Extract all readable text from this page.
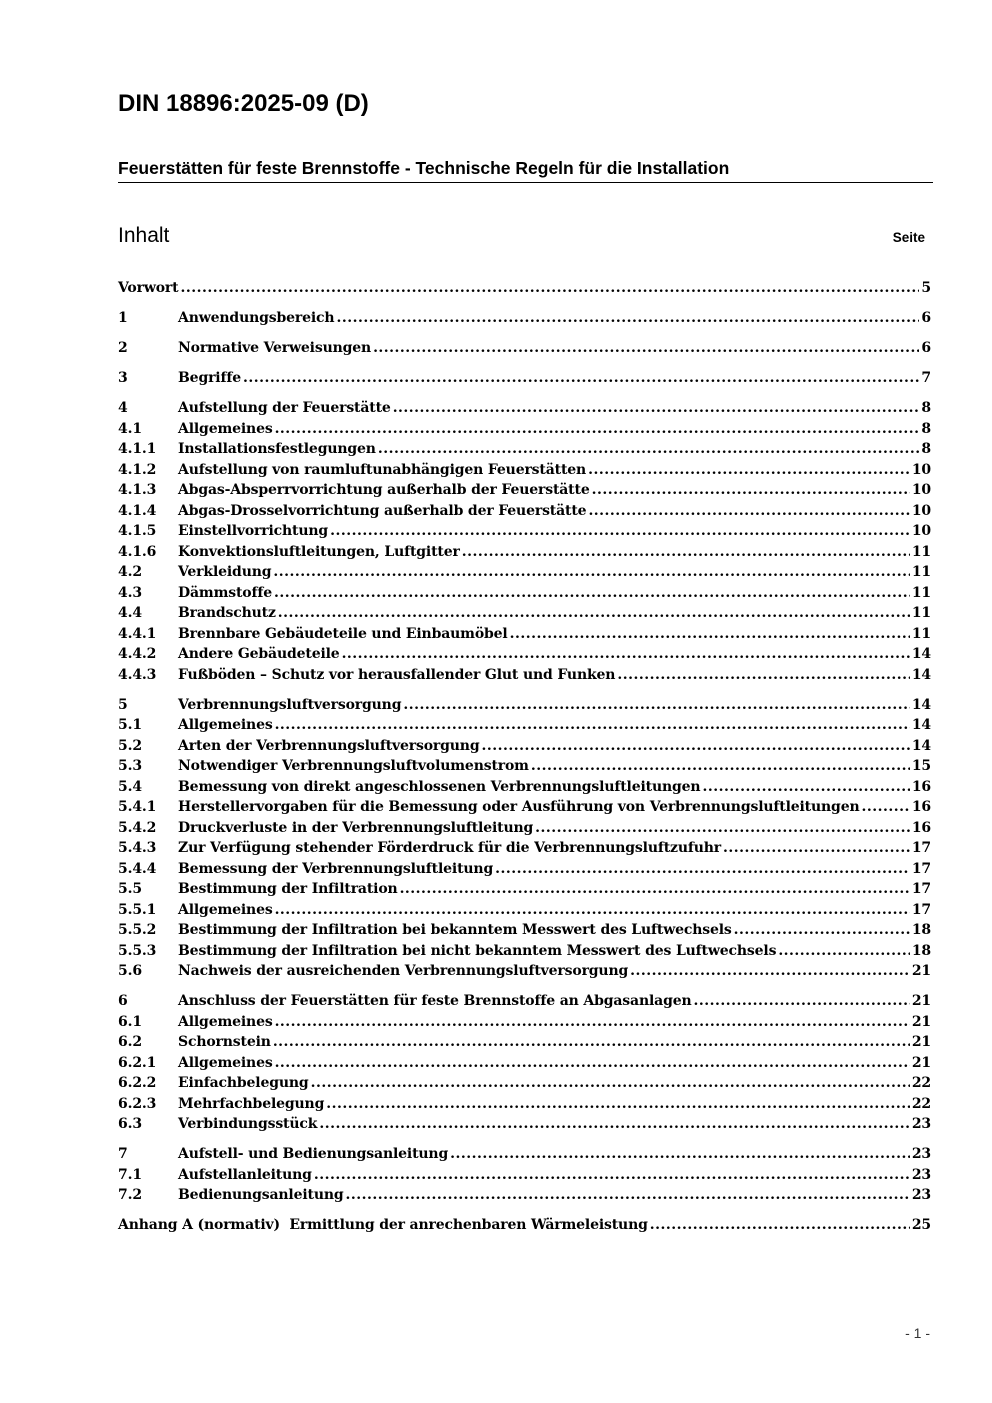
DIN 18896:2025-09 (D)
Feuerstätten für feste Brennstoffe - Technische Regeln für die Installation
Inhalt	Seite
Vorwort .....	5
1	Anwendungsbereich .....	6
2	Normative Verweisungen .....	6
3	Begriffe .....	7
4	Aufstellung der Feuerstätte .....	8
4.1	Allgemeines .....	8
4.1.1	Installationsfestlegungen .....	8
4.1.2	Aufstellung von raumluftunabhängigen Feuerstätten .....	10
4.1.3	Abgas-Absperrvorrichtung außerhalb der Feuerstätte .....	10
4.1.4	Abgas-Drosselvorrichtung außerhalb der Feuerstätte .....	10
4.1.5	Einstellvorrichtung .....	10
4.1.6	Konvektionsluftleitungen, Luftgitter .....	11
4.2	Verkleidung .....	11
4.3	Dämmstoffe .....	11
4.4	Brandschutz .....	11
4.4.1	Brennbare Gebäudeteile und Einbaumöbel .....	11
4.4.2	Andere Gebäudeteile .....	14
4.4.3	Fußböden – Schutz vor herausfallender Glut und Funken .....	14
5	Verbrennungsluftversorgung .....	14
5.1	Allgemeines .....	14
5.2	Arten der Verbrennungsluftversorgung .....	14
5.3	Notwendiger Verbrennungsluftvolumenstrom .....	15
5.4	Bemessung von direkt angeschlossenen Verbrennungsluftleitungen .....	16
5.4.1	Herstellervorgaben für die Bemessung oder Ausführung von Verbrennungsluftleitungen .....	16
5.4.2	Druckverluste in der Verbrennungsluftleitung .....	16
5.4.3	Zur Verfügung stehender Förderdruck für die Verbrennungsluftzufuhr .....	17
5.4.4	Bemessung der Verbrennungsluftleitung .....	17
5.5	Bestimmung der Infiltration .....	17
5.5.1	Allgemeines .....	17
5.5.2	Bestimmung der Infiltration bei bekanntem Messwert des Luftwechsels .....	18
5.5.3	Bestimmung der Infiltration bei nicht bekanntem Messwert des Luftwechsels .....	18
5.6	Nachweis der ausreichenden Verbrennungsluftversorgung .....	21
6	Anschluss der Feuerstätten für feste Brennstoffe an Abgasanlagen .....	21
6.1	Allgemeines .....	21
6.2	Schornstein .....	21
6.2.1	Allgemeines .....	21
6.2.2	Einfachbelegung .....	22
6.2.3	Mehrfachbelegung .....	22
6.3	Verbindungsstück .....	23
7	Aufstell- und Bedienungsanleitung .....	23
7.1	Aufstellanleitung .....	23
7.2	Bedienungsanleitung .....	23
Anhang A (normativ)  Ermittlung der anrechenbaren Wärmeleistung .....	25
- 1 -
